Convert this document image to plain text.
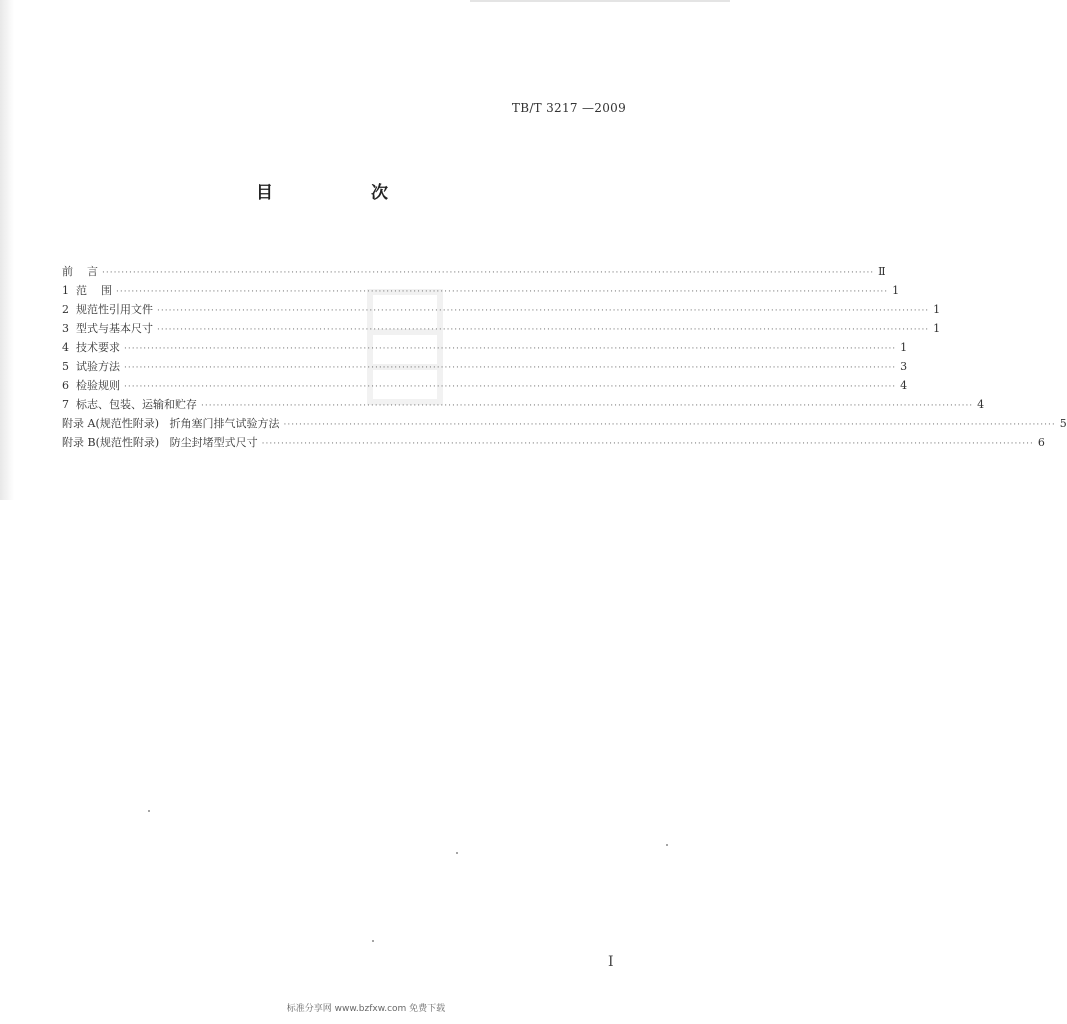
TB/T 3217 —2009
目 次
前    言 ········································································································································································································ Ⅱ
1  范    围 ········································································································································································································ 1
2  规范性引用文件 ········································································································································································································ 1
3  型式与基本尺寸 ········································································································································································································ 1
4  技术要求 ········································································································································································································ 1
5  试验方法 ········································································································································································································ 3
6  检验规则 ········································································································································································································ 4
7  标志、包装、运输和贮存 ········································································································································································································ 4
附录 A(规范性附录)   折角塞门排气试验方法 ········································································································································································································ 5
附录 B(规范性附录)   防尘封堵型式尺寸 ········································································································································································································ 6
I
标准分享网 www.bzfxw.com 免费下载
